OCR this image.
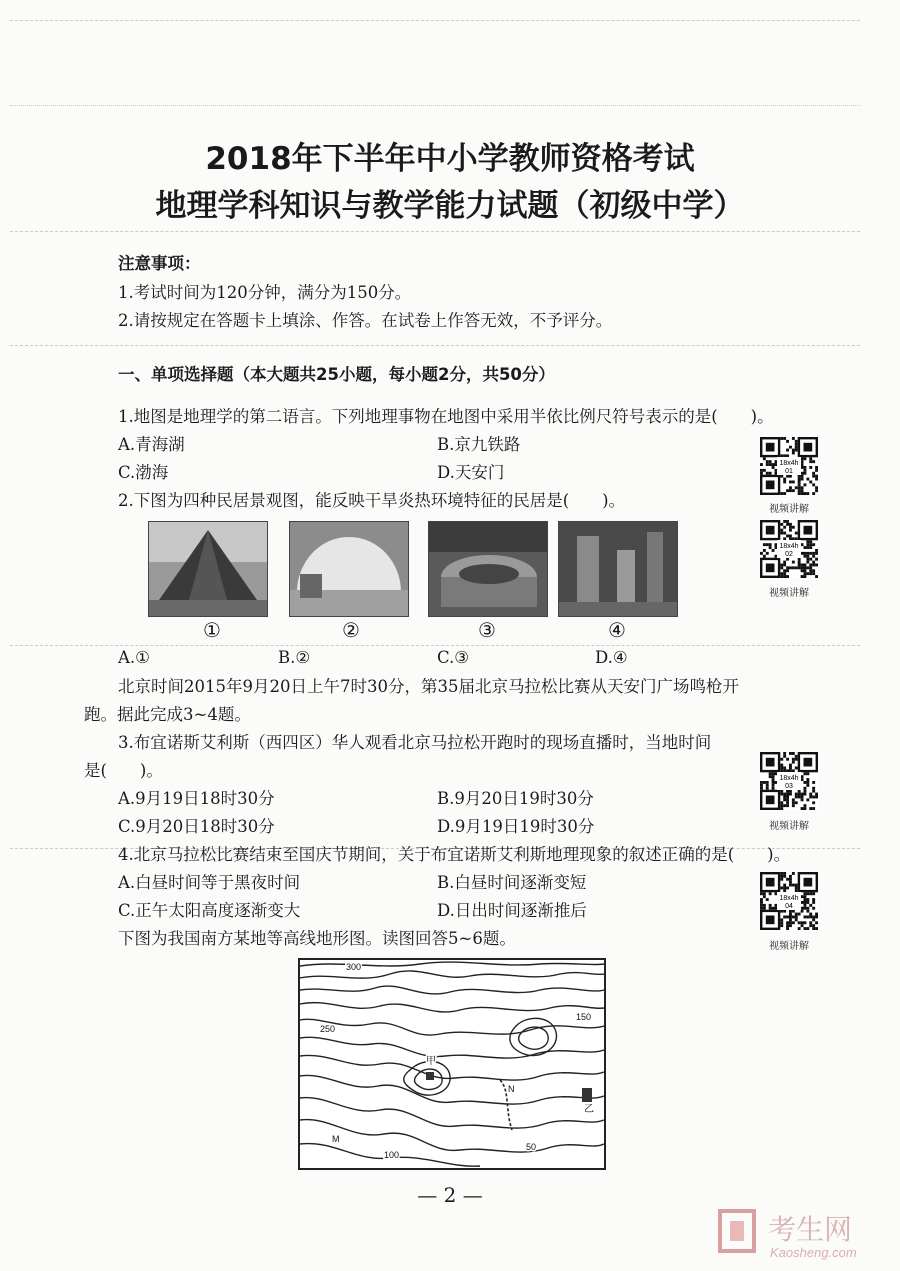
2018年下半年中小学教师资格考试
地理学科知识与教学能力试题（初级中学）
注意事项：
1.考试时间为120分钟，满分为150分。
2.请按规定在答题卡上填涂、作答。在试卷上作答无效，不予评分。
一、单项选择题（本大题共25小题，每小题2分，共50分）
1.地图是地理学的第二语言。下列地理事物在地图中采用半依比例尺符号表示的是(　　)。
A.青海湖	B.京九铁路
C.渤海	D.天安门
2.下图为四种民居景观图，能反映干旱炎热环境特征的民居是(　　)。
①	②	③	④
A.①	B.②	C.③	D.④
北京时间2015年9月20日上午7时30分，第35届北京马拉松比赛从天安门广场鸣枪开
跑。据此完成3~4题。
3.布宜诺斯艾利斯（西四区）华人观看北京马拉松开跑时的现场直播时，当地时间
是(　　)。
A.9月19日18时30分	B.9月20日19时30分
C.9月20日18时30分	D.9月19日19时30分
4.北京马拉松比赛结束至国庆节期间，关于布宜诺斯艾利斯地理现象的叙述正确的是(　　)。
A.白昼时间等于黑夜时间	B.白昼时间逐渐变短
C.正午太阳高度逐渐变大	D.日出时间逐渐推后
下图为我国南方某地等高线地形图。读图回答5~6题。
18x4h
01
视频讲解
18x4h
02
视频讲解
18x4h
03
视频讲解
18x4h
04
视频讲解
300
250
150
100
50
甲
乙
M
N
— 2 —
考生网
Kaosheng.com
